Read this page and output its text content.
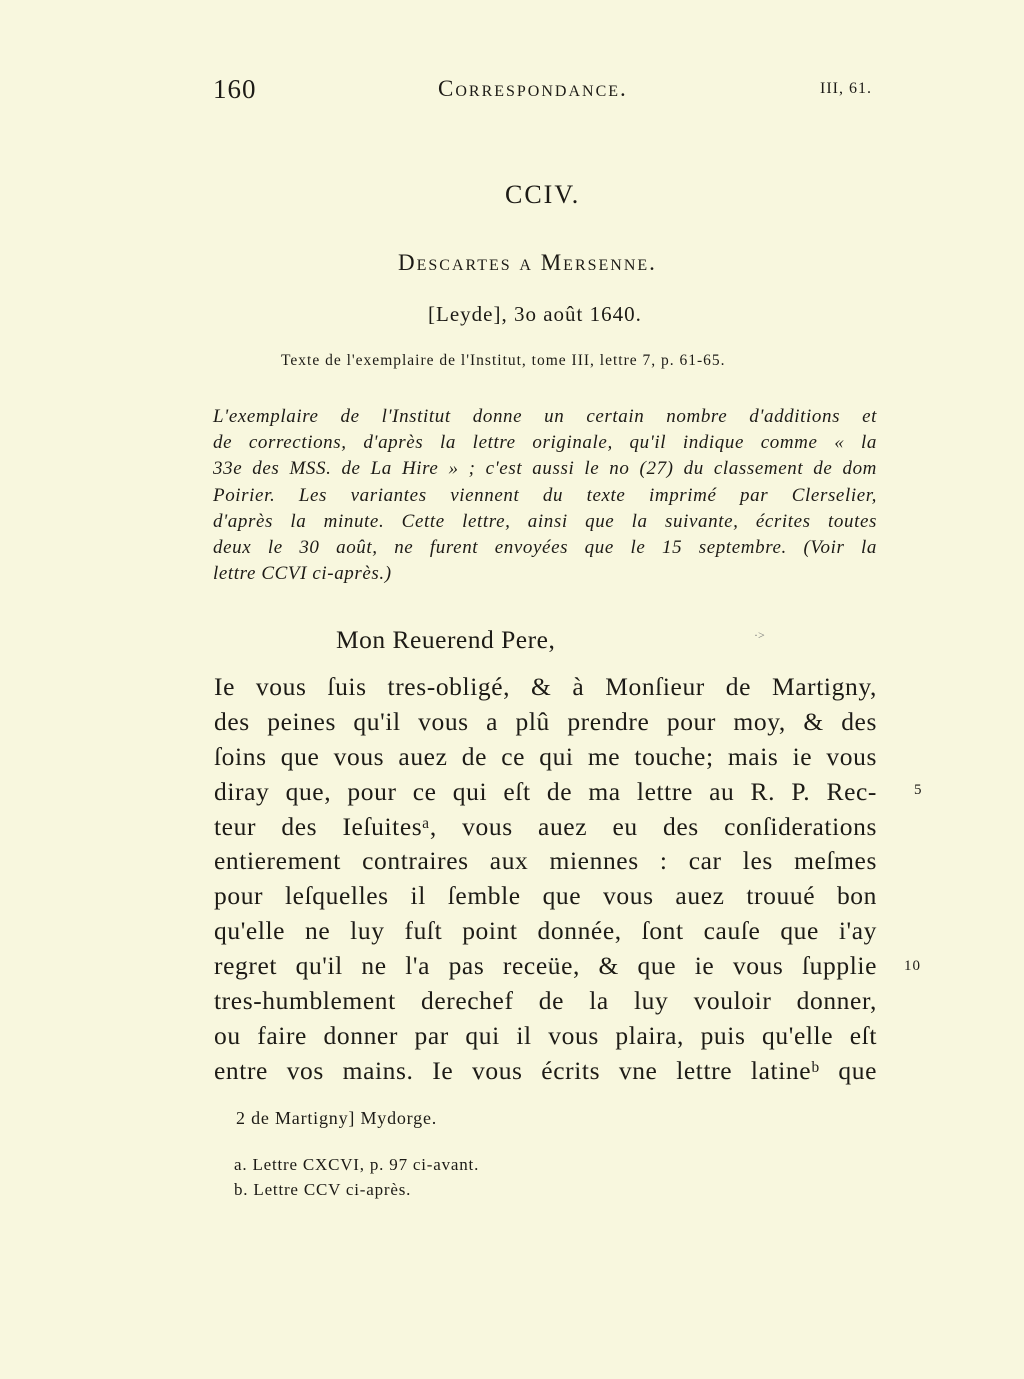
160	Correspondance.	III, 61.
CCIV.
Descartes a Mersenne.
[Leyde], 3o août 1640.
Texte de l'exemplaire de l'Institut, tome III, lettre 7, p. 61-65.
L'exemplaire de l'Institut donne un certain nombre d'additions et
de corrections, d'après la lettre originale, qu'il indique comme « la
33e des MSS. de La Hire » ; c'est aussi le no (27) du classement de dom
Poirier. Les variantes viennent du texte imprimé par Clerselier,
d'après la minute. Cette lettre, ainsi que la suivante, écrites toutes
deux le 30 août, ne furent envoyées que le 15 septembre. (Voir la
lettre CCVI ci-après.)
Mon Reuerend Pere,	·>
Ie vous ſuis tres-obligé, & à Monſieur de Martigny,
des peines qu'il vous a plû prendre pour moy, & des
ſoins que vous auez de ce qui me touche; mais ie vous
diray que, pour ce qui eſt de ma lettre au R. P. Rec-
teur des Ieſuitesᵃ, vous auez eu des conſiderations
entierement contraires aux miennes : car les meſmes
pour leſquelles il ſemble que vous auez trouué bon
qu'elle ne luy fuſt point donnée, ſont cauſe que i'ay
regret qu'il ne l'a pas receüe, & que ie vous ſupplie
tres-humblement derechef de la luy vouloir donner,
ou faire donner par qui il vous plaira, puis qu'elle eſt
entre vos mains. Ie vous écrits vne lettre latineᵇ que
5
10
2 de Martigny] Mydorge.
a. Lettre CXCVI, p. 97 ci-avant.
b. Lettre CCV ci-après.
